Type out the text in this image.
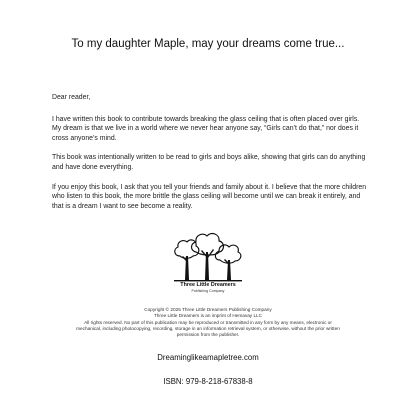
To my daughter Maple, may your dreams come true...

Dear reader,

I have written this book to contribute towards breaking the glass ceiling that is often placed over girls. My dream is that we live in a world where we never hear anyone say, “Girls can’t do that,” nor does it cross anyone’s mind.

This book was intentionally written to be read to girls and boys alike, showing that girls can do anything and have done everything.

If you enjoy this book, I ask that you tell your friends and family about it. I believe that the more children who listen to this book, the more brittle the glass ceiling will become until we can break it entirely, and that is a dream I want to see become a reality.

Three Little Dreamers
Publishing Company
Copyright © 2025 Three Little Dreamers Publishing Company
Three Little Dreamers is an imprint of Hemavay LLC
All rights reserved. No part of this publication may be reproduced or transmitted in any form by any means, electronic or
mechanical, including photocopying, recording, storage in an information retrieval system, or otherwise, without the prior written
permission from the publisher.
Dreaminglikeamapletree.com
ISBN: 979-8-218-67838-8
